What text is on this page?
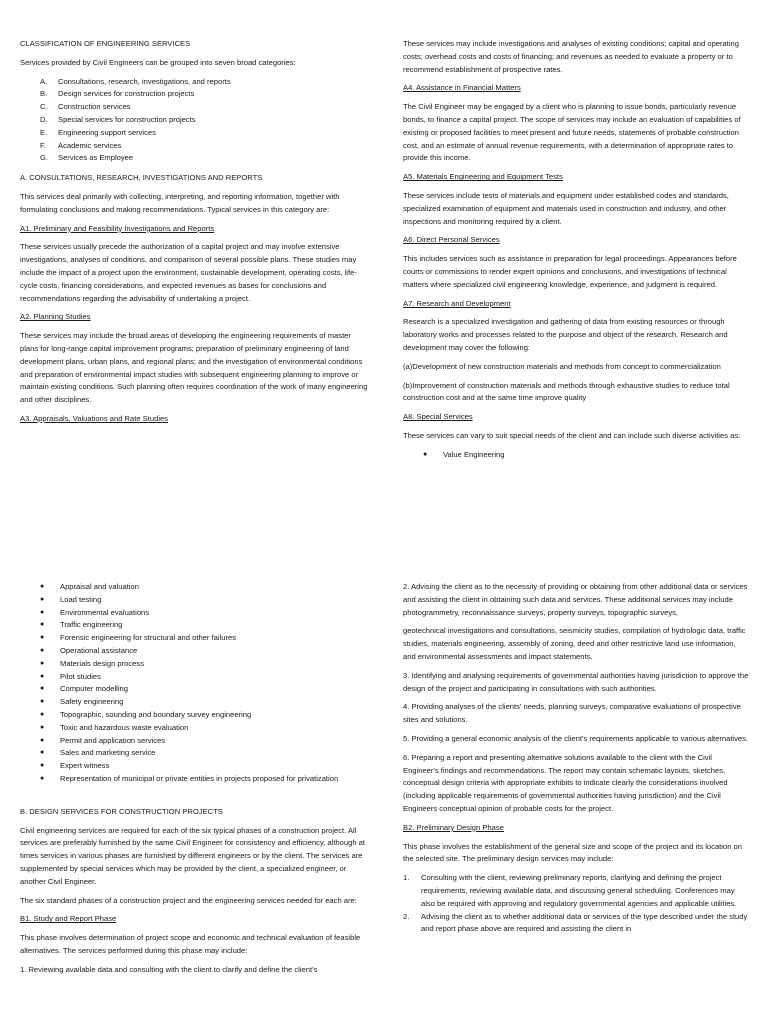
CLASSIFICATION OF ENGINEERING SERVICES

Services provided by Civil Engineers can be grouped into seven broad categories:

A.	Consultations, research, investigations, and reports
B.	Design services for construction projects
C.	Construction services
D.	Special services for construction projects
E.	Engineering support services
F.	Academic services
G.	Services as Employee

A. CONSULTATIONS, RESEARCH, INVESTIGATIONS AND REPORTS

This services deal primarily with collecting, interpreting, and reporting information, together with formulating conclusions and making recommendations. Typical services in this category are:

A1. Preliminary and Feasibility Investigations and Reports

These services usually precede the authorization of a capital project and may involve extensive investigations, analyses of conditions, and comparison of several possible plans. These studies may include the impact of a project upon the environment, sustainable development, operating costs, life-cycle costs, financing considerations, and expected revenues as bases for conclusions and recommendations regarding the advisability of undertaking a project.

A2. Planning Studies

These services may include the broad areas of developing the engineering requirements of master plans for long-range capital improvement programs; preparation of preliminary engineering of land development plans, urban plans, and regional plans; and the investigation of environmental conditions and preparation of environmental impact studies with subsequent engineering planning to improve or maintain existing conditions. Such planning often requires coordination of the work of many engineering and other disciplines.

A3. Appraisals, Valuations and Rate Studies

These services may include investigations and analyses of existing conditions; capital and operating costs; overhead costs and costs of financing; and revenues as needed to evaluate a property or to recommend establishment of prospective rates.

A4. Assistance in Financial Matters

The Civil Engineer may be engaged by a client who is planning to issue bonds, particularly revenue bonds, to finance a capital project. The scope of services may include an evaluation of capabilities of existing or proposed facilities to meet present and future needs, statements of probable construction cost, and an estimate of annual revenue requirements, with a determination of appropriate rates to provide this income.

A5. Materials Engineering and Equipment Tests

These services include tests of materials and equipment under established codes and standards, specialized examination of equipment and materials used in construction and industry, and other inspections and monitoring required by a client.

A6. Direct Personal Services

This includes services such as assistance in preparation for legal proceedings. Appearances before courts or commissions to render expert opinions and conclusions, and investigations of technical matters where specialized civil engineering knowledge, experience, and judgment is required.

A7. Research and Development

Research is a specialized investigation and gathering of data from existing resources or through laboratory works and processes related to the purpose and object of the research. Research and development may cover the following:

(a)Development of new construction materials and methods from concept to commercialization

(b)Improvement of construction materials and methods through exhaustive studies to reduce total construction cost and at the same time improve quality

A8. Special Services

These services can vary to suit special needs of the client and can include such diverse activities as:

●	Value Engineering
●	Appraisal and valuation
●	Load testing
●	Environmental evaluations
●	Traffic engineering
●	Forensic engineering for structural and other failures
●	Operational assistance
●	Materials design process
●	Pilot studies
●	Computer modelling
●	Safety engineering
●	Topographic, sounding and boundary survey engineering
●	Toxic and hazardous waste evaluation
●	Permit and application services
●	Sales and marketing service
●	Expert witness
●	Representation of municipal or private entities in projects proposed for privatization

B. DESIGN SERVICES FOR CONSTRUCTION PROJECTS

Civil engineering services are required for each of the six typical phases of a construction project. All services are preferably furnished by the same Civil Engineer for consistency and efficiency, although at times services in various phases are furnished by different engineers or by the client. The services are supplemented by special services which may be provided by the client, a specialized engineer, or another Civil Engineer.

The six standard phases of a construction project and the engineering services needed for each are:

B1. Study and Report Phase

This phase involves determination of project scope and economic and technical evaluation of feasible alternatives. The services performed during this phase may include:

1. Reviewing available data and consulting with the client to clarify and define the client's

2. Advising the client as to the necessity of providing or obtaining from other additional data or services and assisting the client in obtaining such data and services. These additional services may include photogrammetry, reconnaissance surveys, property surveys, topographic surveys,

geotechnical investigations and consultations, seismicity studies, compilation of hydrologic data, traffic studies, materials engineering, assembly of zoning, deed and other restrictive land use information, and environmental assessments and impact statements.

3. Identifying and analysing requirements of governmental authorities having jurisdiction to approve the design of the project and participating in consultations with such authorities.

4. Providing analyses of the clients' needs, planning surveys, comparative evaluations of prospective sites and solutions.

5. Providing a general economic analysis of the client's requirements applicable to various alternatives.

6. Preparing a report and presenting alternative solutions available to the client with the Civil Engineer's findings and recommendations. The report may contain schematic layouts, sketches, conceptual design criteria with appropriate exhibits to indicate clearly the considerations involved (including applicable requirements of governmental authorities having jurisdiction) and the Civil Engineers conceptual opinion of probable costs for the project.

B2. Preliminary Design Phase

This phase involves the establishment of the general size and scope of the project and its location on the selected site. The preliminary design services may include:

1.	Consulting with the client, reviewing preliminary reports, clarifying and defining the project requirements, reviewing available data, and discussing general scheduling. Conferences may also be required with approving and regulatory governmental agencies and applicable utilities.
2.	Advising the client as to whether additional data or services of the type described under the study and report phase above are required and assisting the client in
